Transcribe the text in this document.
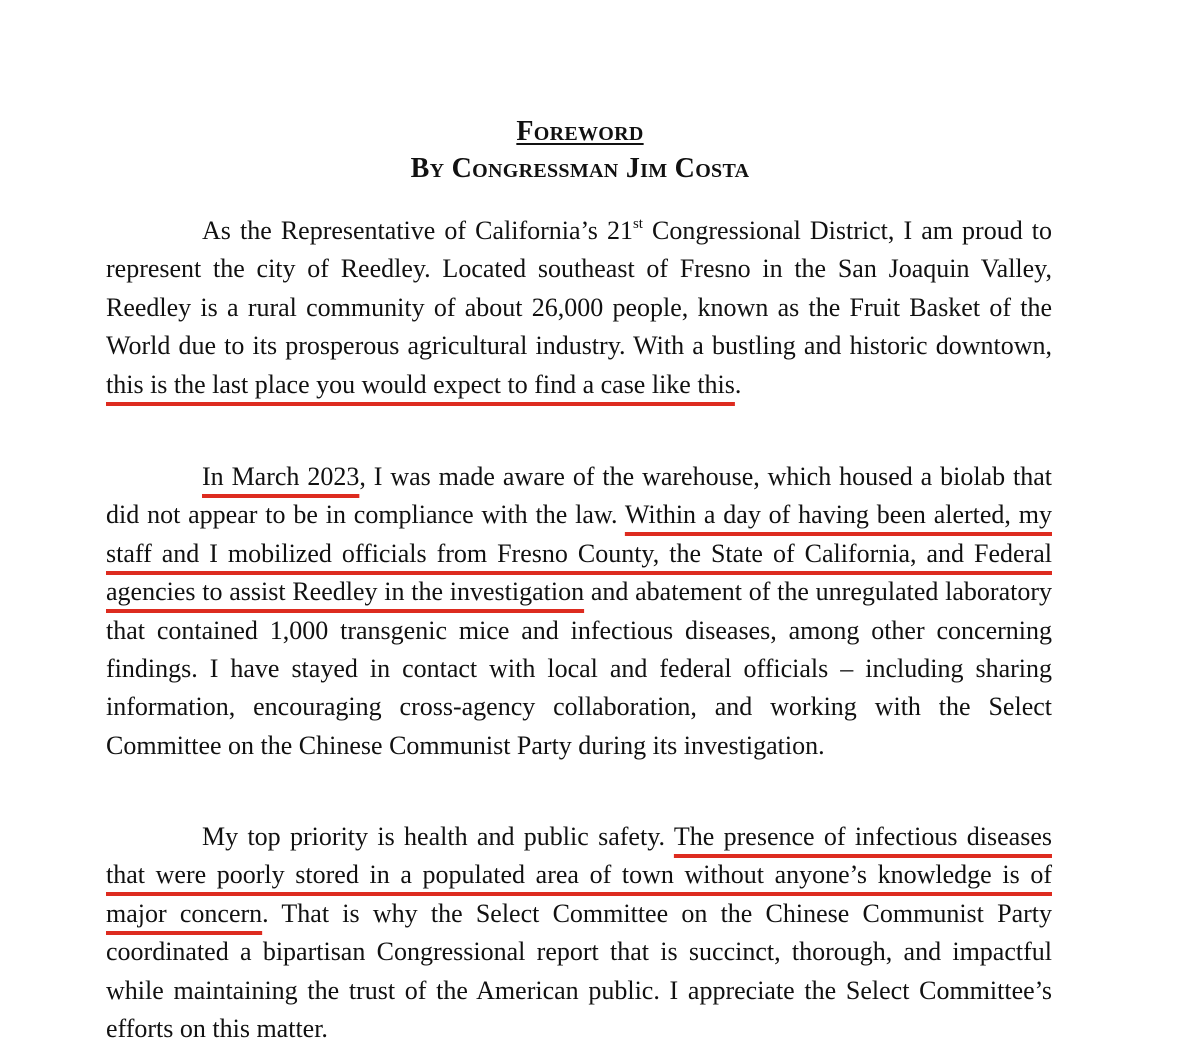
Foreword
By Congressman Jim Costa

As the Representative of California’s 21st Congressional District, I am proud to represent the city of Reedley. Located southeast of Fresno in the San Joaquin Valley, Reedley is a rural community of about 26,000 people, known as the Fruit Basket of the World due to its prosperous agricultural industry. With a bustling and historic downtown, this is the last place you would expect to find a case like this.

In March 2023, I was made aware of the warehouse, which housed a biolab that did not appear to be in compliance with the law. Within a day of having been alerted, my staff and I mobilized officials from Fresno County, the State of California, and Federal agencies to assist Reedley in the investigation and abatement of the unregulated laboratory that contained 1,000 transgenic mice and infectious diseases, among other concerning findings. I have stayed in contact with local and federal officials – including sharing information, encouraging cross-agency collaboration, and working with the Select Committee on the Chinese Communist Party during its investigation.

My top priority is health and public safety. The presence of infectious diseases that were poorly stored in a populated area of town without anyone’s knowledge is of major concern. That is why the Select Committee on the Chinese Communist Party coordinated a bipartisan Congressional report that is succinct, thorough, and impactful while maintaining the trust of the American public. I appreciate the Select Committee’s efforts on this matter.
